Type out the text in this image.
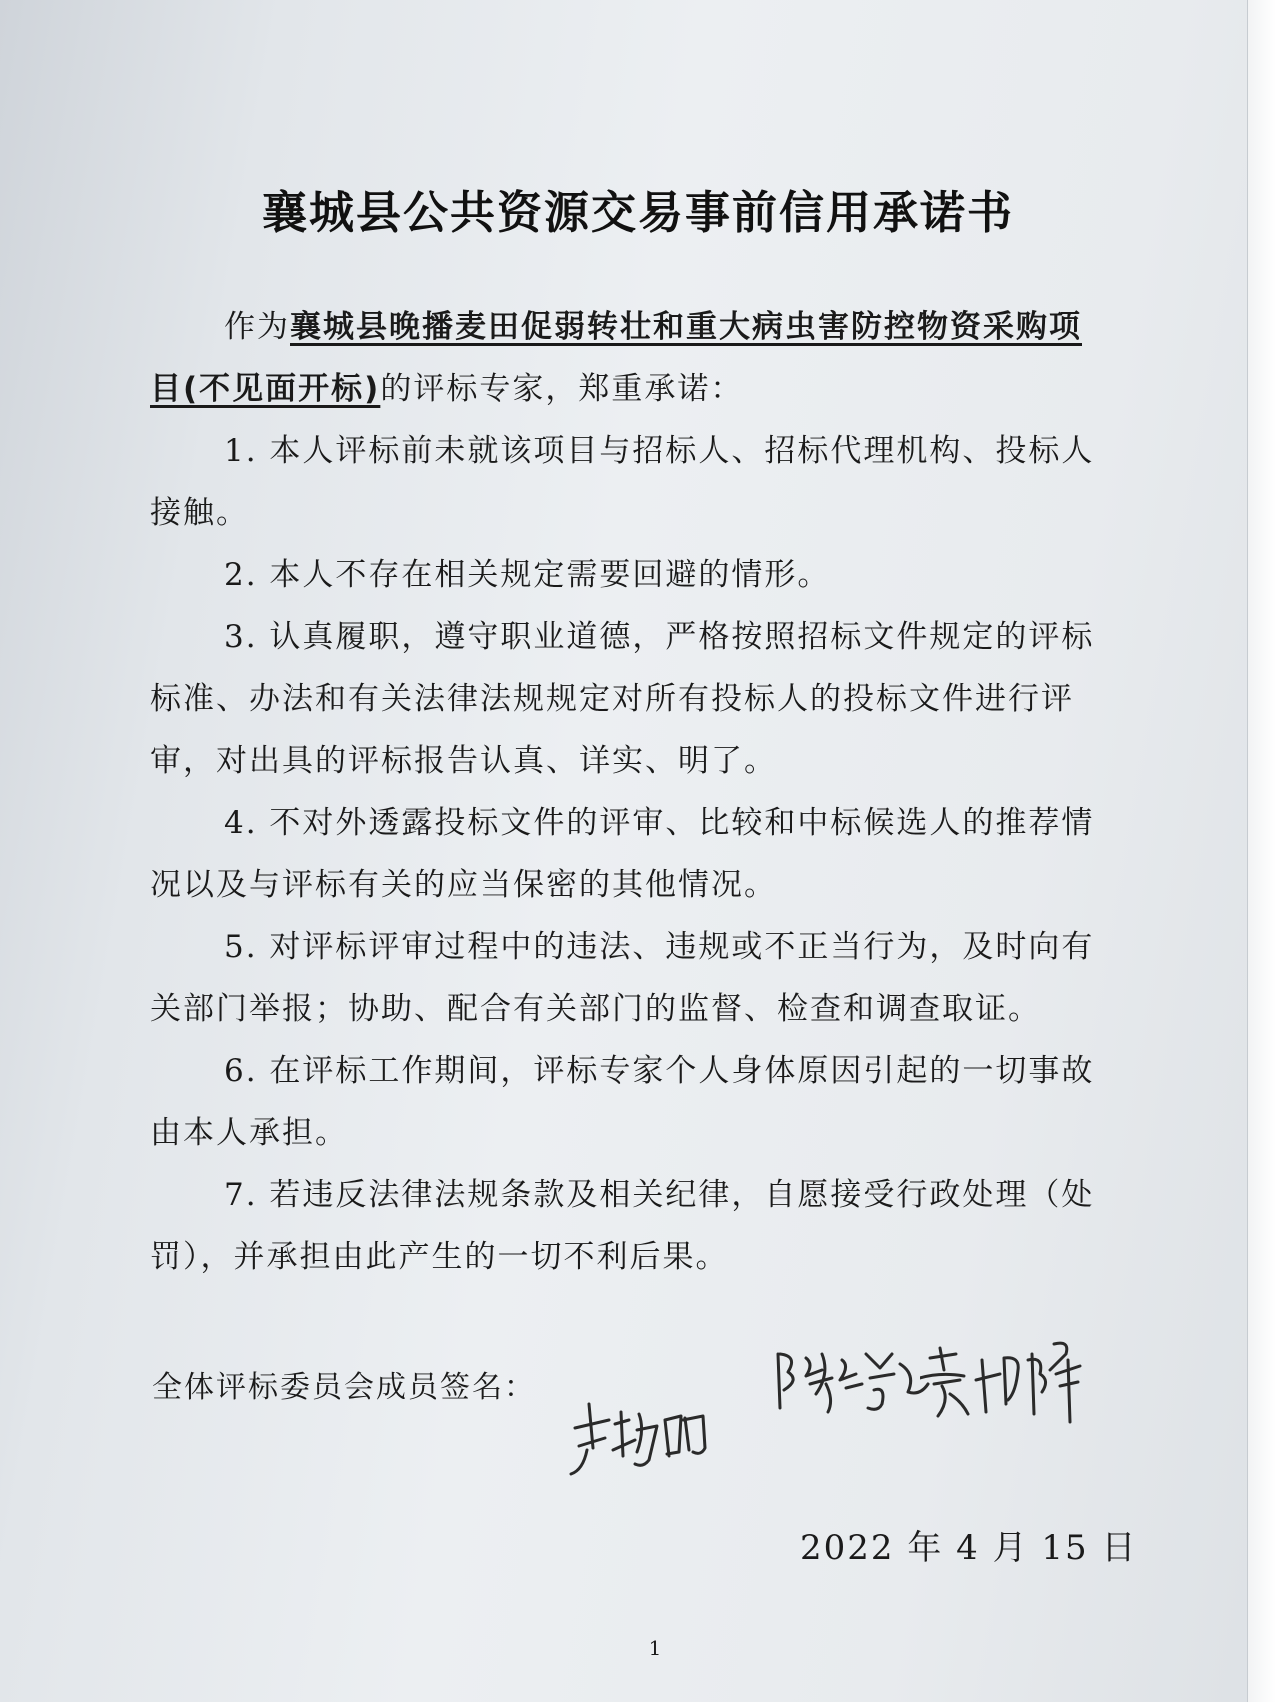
襄城县公共资源交易事前信用承诺书

作为襄城县晚播麦田促弱转壮和重大病虫害防控物资采购项目(不见面开标)的评标专家，郑重承诺：

1. 本人评标前未就该项目与招标人、招标代理机构、投标人接触。

2. 本人不存在相关规定需要回避的情形。

3. 认真履职，遵守职业道德，严格按照招标文件规定的评标标准、办法和有关法律法规规定对所有投标人的投标文件进行评审，对出具的评标报告认真、详实、明了。

4. 不对外透露投标文件的评审、比较和中标候选人的推荐情况以及与评标有关的应当保密的其他情况。

5. 对评标评审过程中的违法、违规或不正当行为，及时向有关部门举报；协助、配合有关部门的监督、检查和调查取证。

6. 在评标工作期间，评标专家个人身体原因引起的一切事故由本人承担。

7. 若违反法律法规条款及相关纪律，自愿接受行政处理（处罚），并承担由此产生的一切不利后果。

全体评标委员会成员签名：
2022 年 4 月 15 日
1
